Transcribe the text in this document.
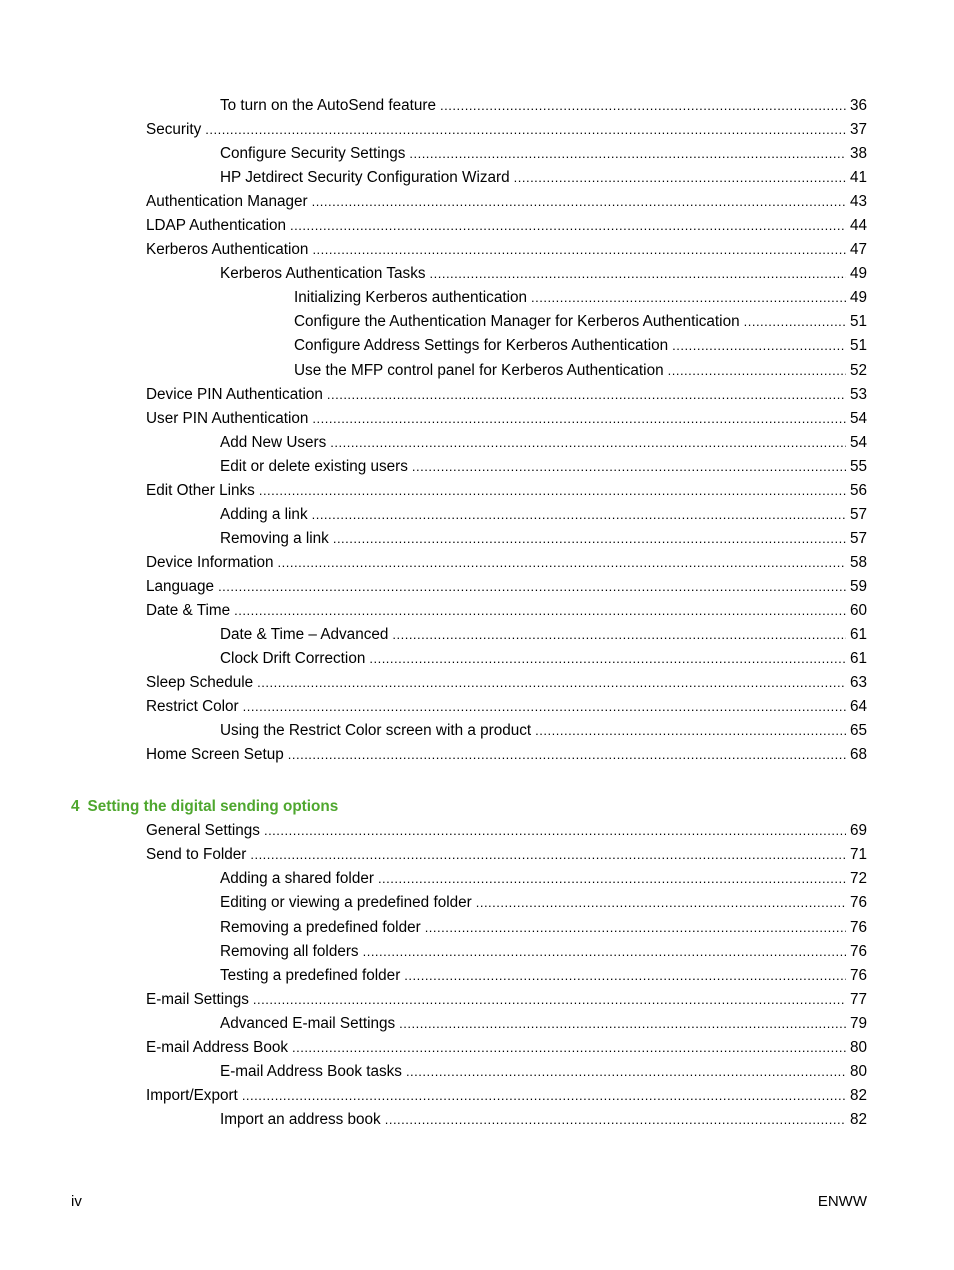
To turn on the AutoSend feature .....	36
Security .....	37
Configure Security Settings .....	38
HP Jetdirect Security Configuration Wizard .....	41
Authentication Manager .....	43
LDAP Authentication .....	44
Kerberos Authentication .....	47
Kerberos Authentication Tasks .....	49
Initializing Kerberos authentication .....	49
Configure the Authentication Manager for Kerberos Authentication .....	51
Configure Address Settings for Kerberos Authentication .....	51
Use the MFP control panel for Kerberos Authentication .....	52
Device PIN Authentication .....	53
User PIN Authentication .....	54
Add New Users .....	54
Edit or delete existing users .....	55
Edit Other Links .....	56
Adding a link .....	57
Removing a link .....	57
Device Information .....	58
Language .....	59
Date & Time .....	60
Date & Time – Advanced .....	61
Clock Drift Correction .....	61
Sleep Schedule .....	63
Restrict Color .....	64
Using the Restrict Color screen with a product .....	65
Home Screen Setup .....	68
4 Setting the digital sending options
General Settings .....	69
Send to Folder .....	71
Adding a shared folder .....	72
Editing or viewing a predefined folder .....	76
Removing a predefined folder .....	76
Removing all folders .....	76
Testing a predefined folder .....	76
E-mail Settings .....	77
Advanced E-mail Settings .....	79
E-mail Address Book .....	80
E-mail Address Book tasks .....	80
Import/Export .....	82
Import an address book .....	82
iv	ENWW
